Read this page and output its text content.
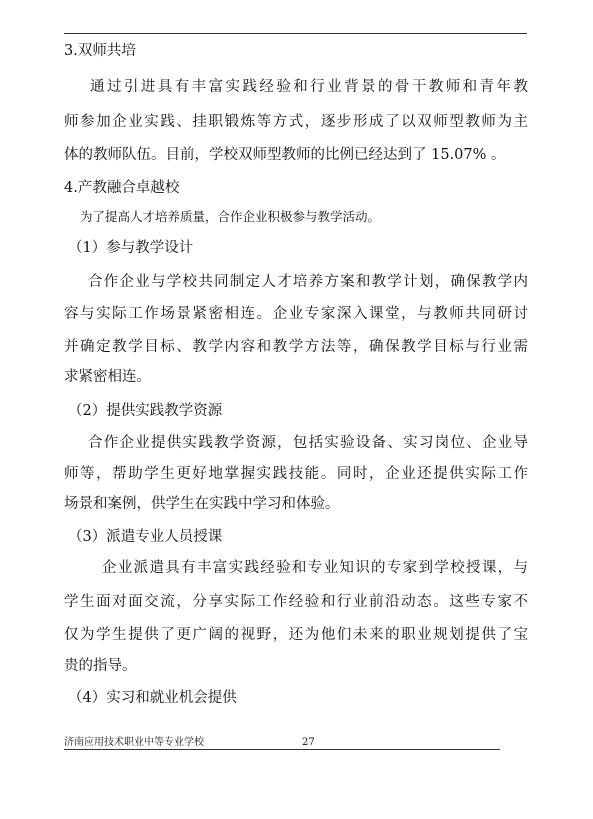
3.双师共培
通过引进具有丰富实践经验和行业背景的骨干教师和青年教
师参加企业实践、挂职锻炼等方式，逐步形成了以双师型教师为主
体的教师队伍。目前，学校双师型教师的比例已经达到了 15.07% 。
4.产教融合卓越校
为了提高人才培养质量，合作企业积极参与教学活动。
（1）参与教学设计
合作企业与学校共同制定人才培养方案和教学计划，确保教学内
容与实际工作场景紧密相连。企业专家深入课堂，与教师共同研讨
并确定教学目标、教学内容和教学方法等，确保教学目标与行业需
求紧密相连。
（2）提供实践教学资源
合作企业提供实践教学资源，包括实验设备、实习岗位、企业导
师等，帮助学生更好地掌握实践技能。同时，企业还提供实际工作
场景和案例，供学生在实践中学习和体验。
（3）派遣专业人员授课
企业派遣具有丰富实践经验和专业知识的专家到学校授课，与
学生面对面交流，分享实际工作经验和行业前沿动态。这些专家不
仅为学生提供了更广阔的视野，还为他们未来的职业规划提供了宝
贵的指导。
（4）实习和就业机会提供
济南应用技术职业中等专业学校	27
